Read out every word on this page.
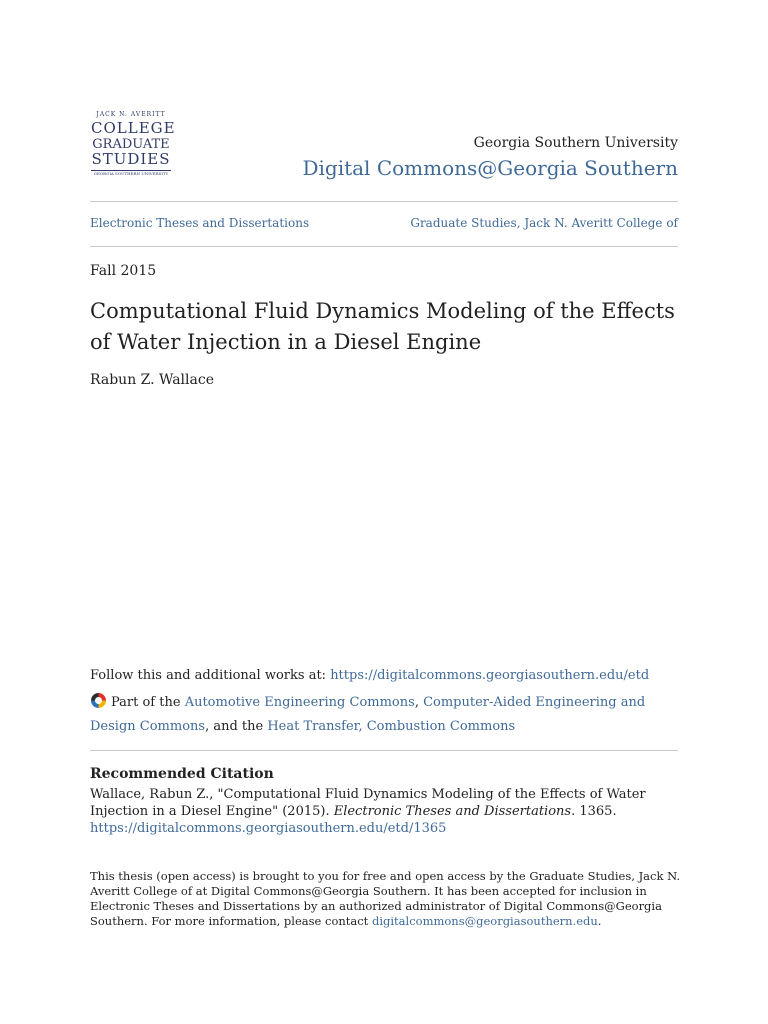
JACK N. AVERITT
COLLEGE
GRADUATE
STUDIES
GEORGIA SOUTHERN UNIVERSITY
Georgia Southern University
Digital Commons@Georgia Southern
Electronic Theses and Dissertations	Graduate Studies, Jack N. Averitt College of
Fall 2015
Computational Fluid Dynamics Modeling of the Effects of Water Injection in a Diesel Engine
Rabun Z. Wallace
Follow this and additional works at: https://digitalcommons.georgiasouthern.edu/etd
Part of the Automotive Engineering Commons, Computer-Aided Engineering and Design Commons, and the Heat Transfer, Combustion Commons
Recommended Citation
Wallace, Rabun Z., "Computational Fluid Dynamics Modeling of the Effects of Water Injection in a Diesel Engine" (2015). Electronic Theses and Dissertations. 1365.
https://digitalcommons.georgiasouthern.edu/etd/1365
This thesis (open access) is brought to you for free and open access by the Graduate Studies, Jack N. Averitt College of at Digital Commons@Georgia Southern. It has been accepted for inclusion in Electronic Theses and Dissertations by an authorized administrator of Digital Commons@Georgia Southern. For more information, please contact digitalcommons@georgiasouthern.edu.
